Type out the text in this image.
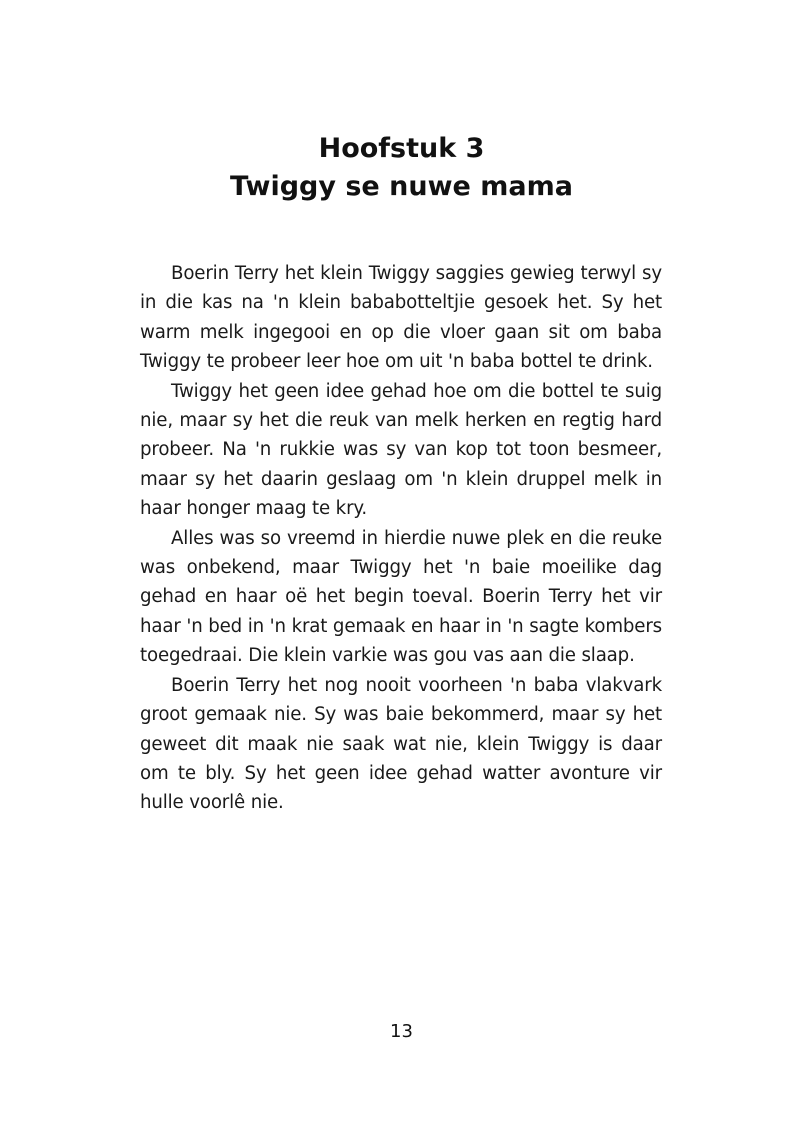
Hoofstuk 3
Twiggy se nuwe mama

Boerin Terry het klein Twiggy saggies gewieg terwyl sy in die kas na 'n klein bababotteltjie gesoek het. Sy het warm melk ingegooi en op die vloer gaan sit om baba Twiggy te probeer leer hoe om uit 'n baba bottel te drink.

Twiggy het geen idee gehad hoe om die bottel te suig nie, maar sy het die reuk van melk herken en regtig hard probeer. Na 'n rukkie was sy van kop tot toon besmeer, maar sy het daarin geslaag om 'n klein druppel melk in haar honger maag te kry.

Alles was so vreemd in hierdie nuwe plek en die reuke was onbekend, maar Twiggy het 'n baie moeilike dag gehad en haar oë het begin toeval. Boerin Terry het vir haar 'n bed in 'n krat gemaak en haar in 'n sagte kombers toegedraai. Die klein varkie was gou vas aan die slaap.

Boerin Terry het nog nooit voorheen 'n baba vlakvark groot gemaak nie. Sy was baie bekommerd, maar sy het geweet dit maak nie saak wat nie, klein Twiggy is daar om te bly. Sy het geen idee gehad watter avonture vir hulle voorlê nie.

13
